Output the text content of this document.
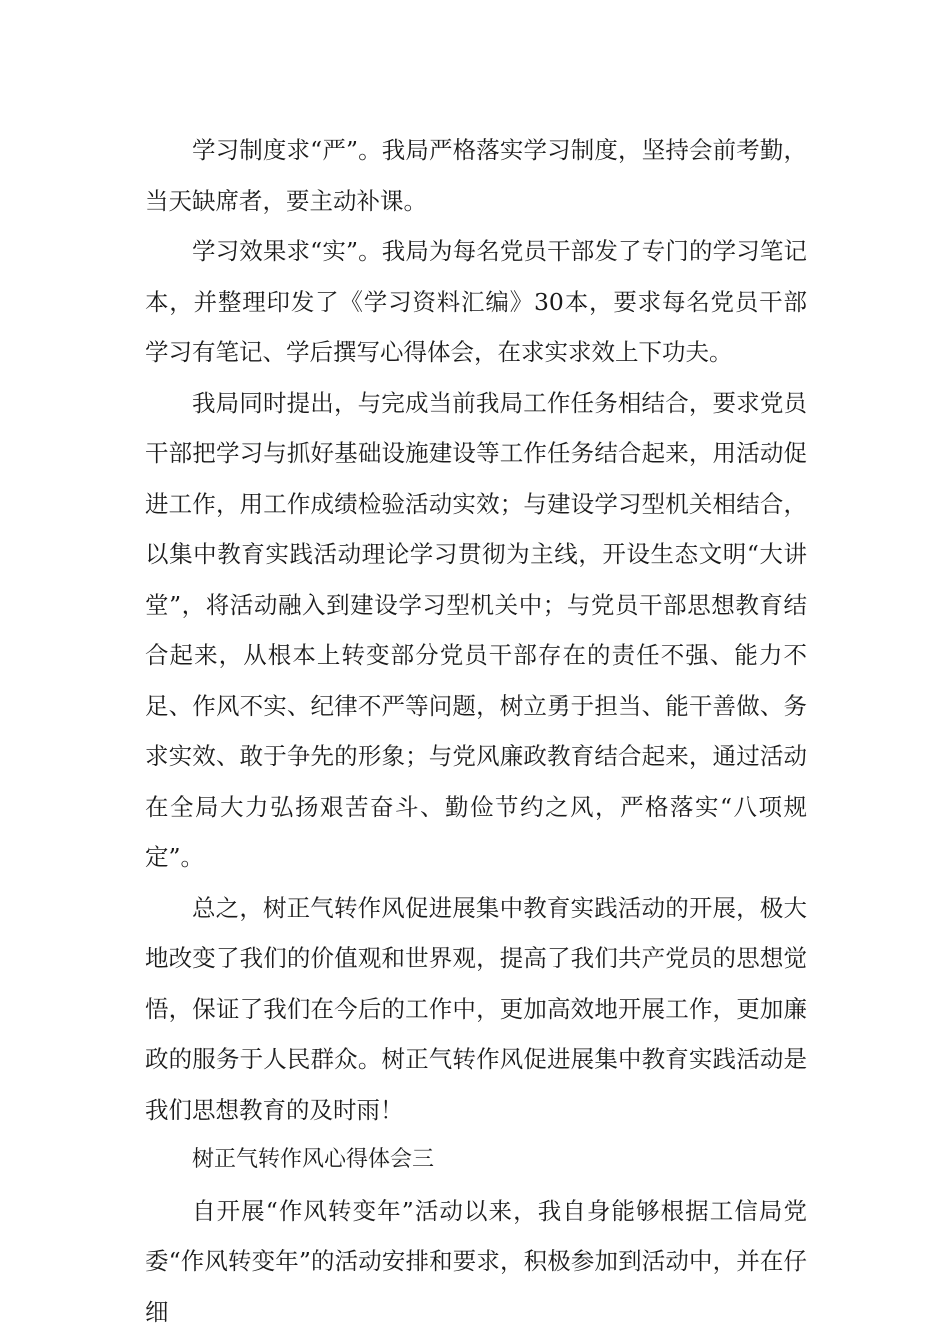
学习制度求“严”。我局严格落实学习制度，坚持会前考勤，当天缺席者，要主动补课。

学习效果求“实”。我局为每名党员干部发了专门的学习笔记本，并整理印发了《学习资料汇编》30本，要求每名党员干部学习有笔记、学后撰写心得体会，在求实求效上下功夫。

我局同时提出，与完成当前我局工作任务相结合，要求党员干部把学习与抓好基础设施建设等工作任务结合起来，用活动促进工作，用工作成绩检验活动实效；与建设学习型机关相结合，以集中教育实践活动理论学习贯彻为主线，开设生态文明“大讲堂”，将活动融入到建设学习型机关中；与党员干部思想教育结合起来，从根本上转变部分党员干部存在的责任不强、能力不足、作风不实、纪律不严等问题，树立勇于担当、能干善做、务求实效、敢于争先的形象；与党风廉政教育结合起来，通过活动在全局大力弘扬艰苦奋斗、勤俭节约之风，严格落实“八项规定”。

总之，树正气转作风促进展集中教育实践活动的开展，极大地改变了我们的价值观和世界观，提高了我们共产党员的思想觉悟，保证了我们在今后的工作中，更加高效地开展工作，更加廉政的服务于人民群众。树正气转作风促进展集中教育实践活动是我们思想教育的及时雨！

树正气转作风心得体会三

自开展“作风转变年”活动以来，我自身能够根据工信局党委“作风转变年”的活动安排和要求，积极参加到活动中，并在仔细
